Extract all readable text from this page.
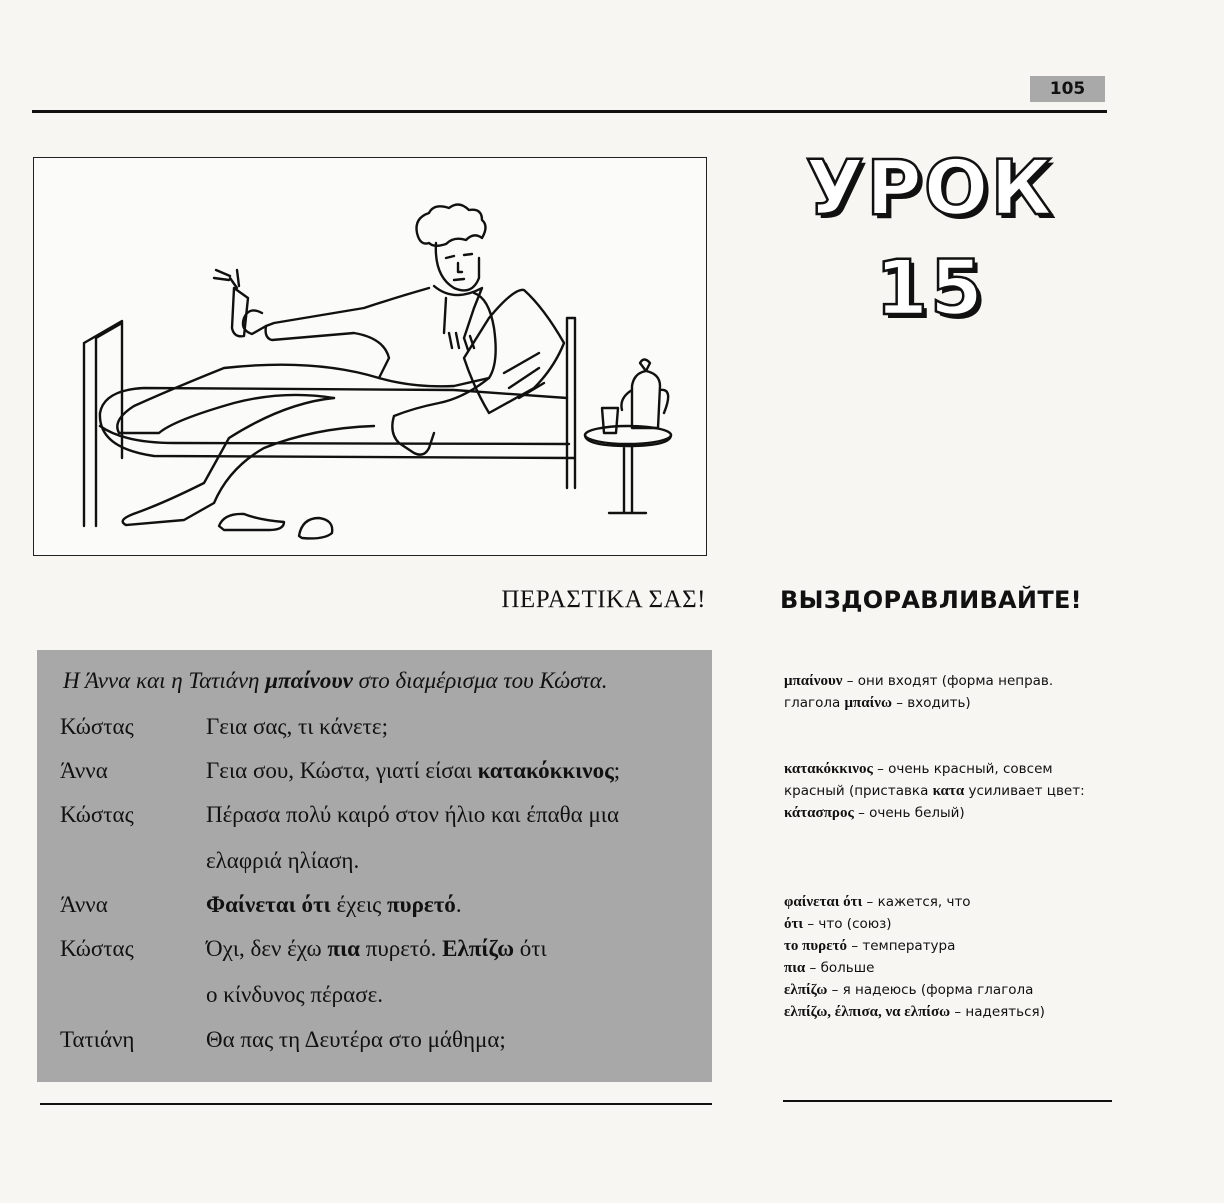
105
УРОК
15
ΠΕΡΑΣΤΙΚΑ ΣΑΣ!	ВЫЗДОРАВЛИВАЙТЕ!
Η Άννα και η Τατιάνη μπαίνουν στο διαμέρισμα του Κώστα.
Κώστας	Γεια σας, τι κάνετε;
Άννα	Γεια σου, Κώστα, γιατί είσαι κατακόκκινος;
Κώστας	Πέρασα πολύ καιρό στον ήλιο και έπαθα μια
ελαφριά ηλίαση.
Άννα	Φαίνεται ότι έχεις πυρετό.
Κώστας	Όχι, δεν έχω πια πυρετό. Ελπίζω ότι
ο κίνδυνος πέρασε.
Τατιάνη	Θα πας τη Δευτέρα στο μάθημα;
μπαίνουν – они входят (форма неправ.
глагола μπαίνω – входить)
κατακόκκινος – очень красный, совсем
красный (приставка κατα усиливает цвет:
κάτασπρος – очень белый)
φαίνεται ότι – кажется, что
ότι – что (союз)
το πυρετό – температура
πια – больше
ελπίζω – я надеюсь (форма глагола
ελπίζω, έλπισα, να ελπίσω – надеяться)
